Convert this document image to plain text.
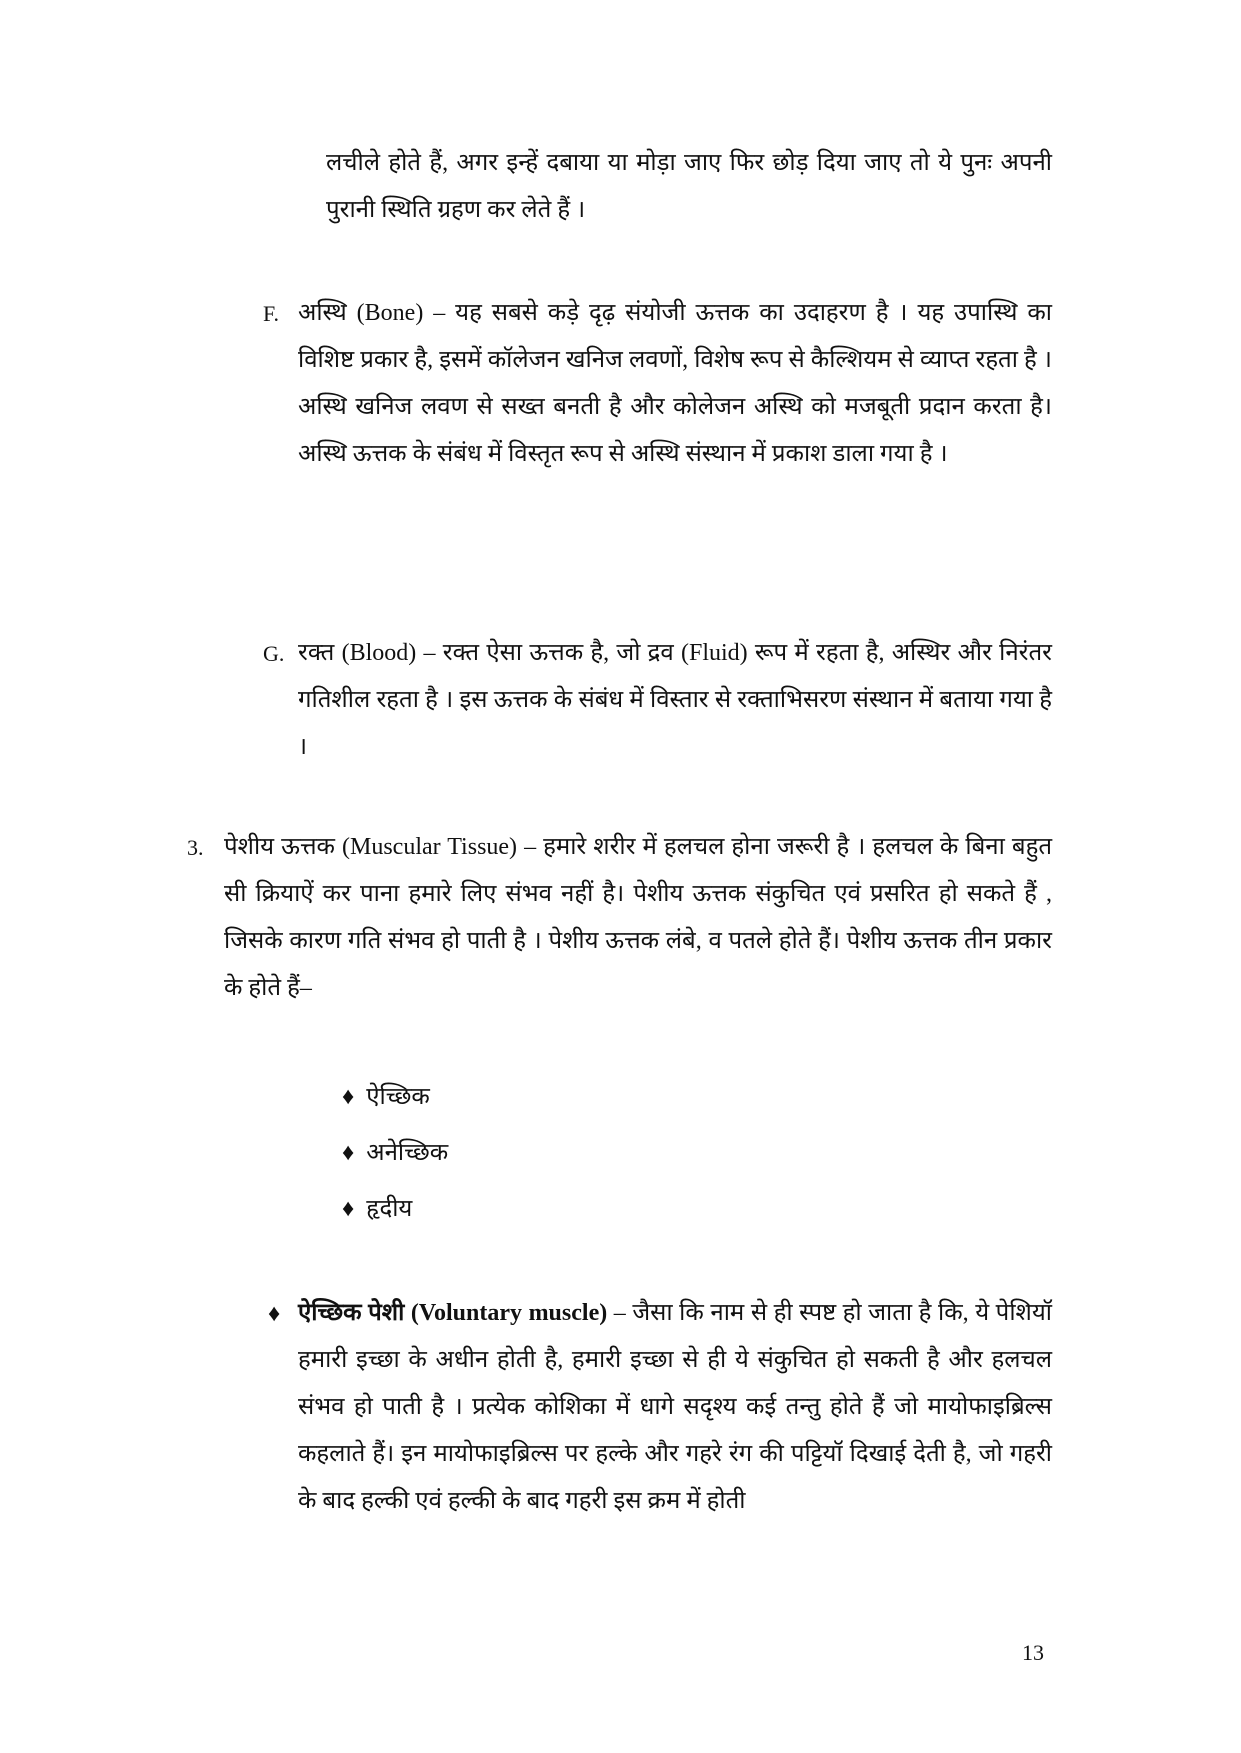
लचीले होते हैं, अगर इन्हें दबाया या मोड़ा जाए फिर छोड़ दिया जाए तो ये पुनः अपनी पुरानी स्थिति ग्रहण कर लेते हैं ।
F. अस्थि (Bone) – यह सबसे कड़े दृढ़ संयोजी ऊत्तक का उदाहरण है । यह उपास्थि का विशिष्ट प्रकार है, इसमें कॉलेजन खनिज लवणों, विशेष रूप से कैल्शियम से व्याप्त रहता है । अस्थि खनिज लवण से सख्त बनती है और कोलेजन अस्थि को मजबूती प्रदान करता है। अस्थि ऊत्तक के संबंध में विस्तृत रूप से अस्थि संस्थान में प्रकाश डाला गया है ।
G. रक्त (Blood) – रक्त ऐसा ऊत्तक है, जो द्रव (Fluid) रूप में रहता है, अस्थिर और निरंतर गतिशील रहता है । इस ऊत्तक के संबंध में विस्तार से रक्ताभिसरण संस्थान में बताया गया है ।
3. पेशीय ऊत्तक (Muscular Tissue) – हमारे शरीर में हलचल होना जरूरी है । हलचल के बिना बहुत सी क्रियाऐं कर पाना हमारे लिए संभव नहीं है। पेशीय ऊत्तक संकुचित एवं प्रसरित हो सकते हैं , जिसके कारण गति संभव हो पाती है । पेशीय ऊत्तक लंबे, व पतले होते हैं। पेशीय ऊत्तक तीन प्रकार के होते हैं–
♦ ऐच्छिक
♦ अनेच्छिक
♦ हृदीय
♦ ऐच्छिक पेशी (Voluntary muscle) – जैसा कि नाम से ही स्पष्ट हो जाता है कि, ये पेशियॉ हमारी इच्छा के अधीन होती है, हमारी इच्छा से ही ये संकुचित हो सकती है और हलचल संभव हो पाती है । प्रत्येक कोशिका में धागे सदृश्य कई तन्तु होते हैं जो मायोफाइब्रिल्स कहलाते हैं। इन मायोफाइब्रिल्स पर हल्के और गहरे रंग की पट्टियॉ दिखाई देती है, जो गहरी के बाद हल्की एवं हल्की के बाद गहरी इस क्रम में होती
13
